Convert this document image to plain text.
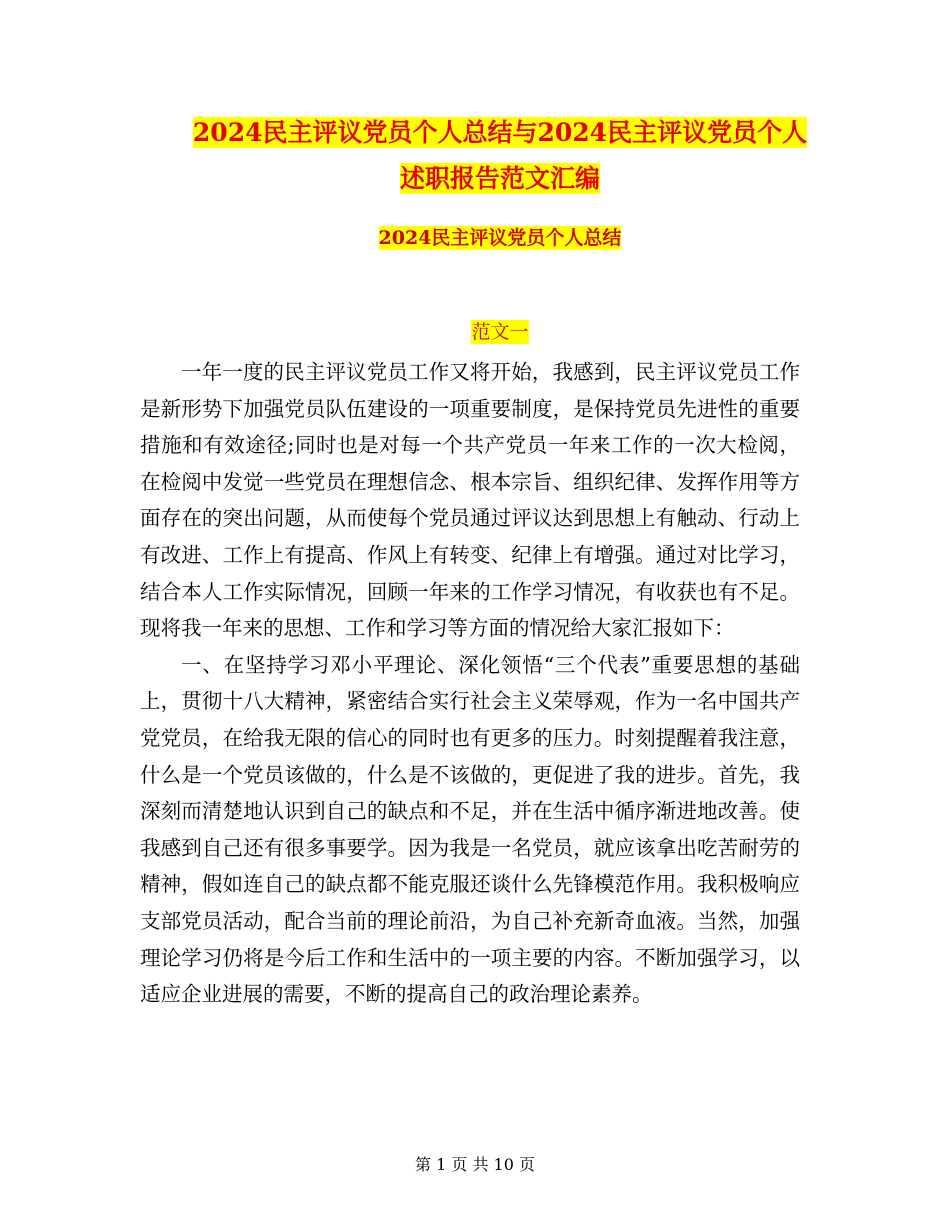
2024民主评议党员个人总结与2024民主评议党员个人
述职报告范文汇编
2024民主评议党员个人总结
范文一

一年一度的民主评议党员工作又将开始，我感到，民主评议党员工作是新形势下加强党员队伍建设的一项重要制度，是保持党员先进性的重要措施和有效途径;同时也是对每一个共产党员一年来工作的一次大检阅，在检阅中发觉一些党员在理想信念、根本宗旨、组织纪律、发挥作用等方面存在的突出问题，从而使每个党员通过评议达到思想上有触动、行动上有改进、工作上有提高、作风上有转变、纪律上有增强。通过对比学习，结合本人工作实际情况，回顾一年来的工作学习情况，有收获也有不足。现将我一年来的思想、工作和学习等方面的情况给大家汇报如下：

一、在坚持学习邓小平理论、深化领悟“三个代表”重要思想的基础上，贯彻十八大精神，紧密结合实行社会主义荣辱观，作为一名中国共产党党员，在给我无限的信心的同时也有更多的压力。时刻提醒着我注意，什么是一个党员该做的，什么是不该做的，更促进了我的进步。首先，我深刻而清楚地认识到自己的缺点和不足，并在生活中循序渐进地改善。使我感到自己还有很多事要学。因为我是一名党员，就应该拿出吃苦耐劳的精神，假如连自己的缺点都不能克服还谈什么先锋模范作用。我积极响应支部党员活动，配合当前的理论前沿，为自己补充新奇血液。当然，加强理论学习仍将是今后工作和生活中的一项主要的内容。不断加强学习，以适应企业进展的需要，不断的提高自己的政治理论素养。

第 1 页 共 10 页
